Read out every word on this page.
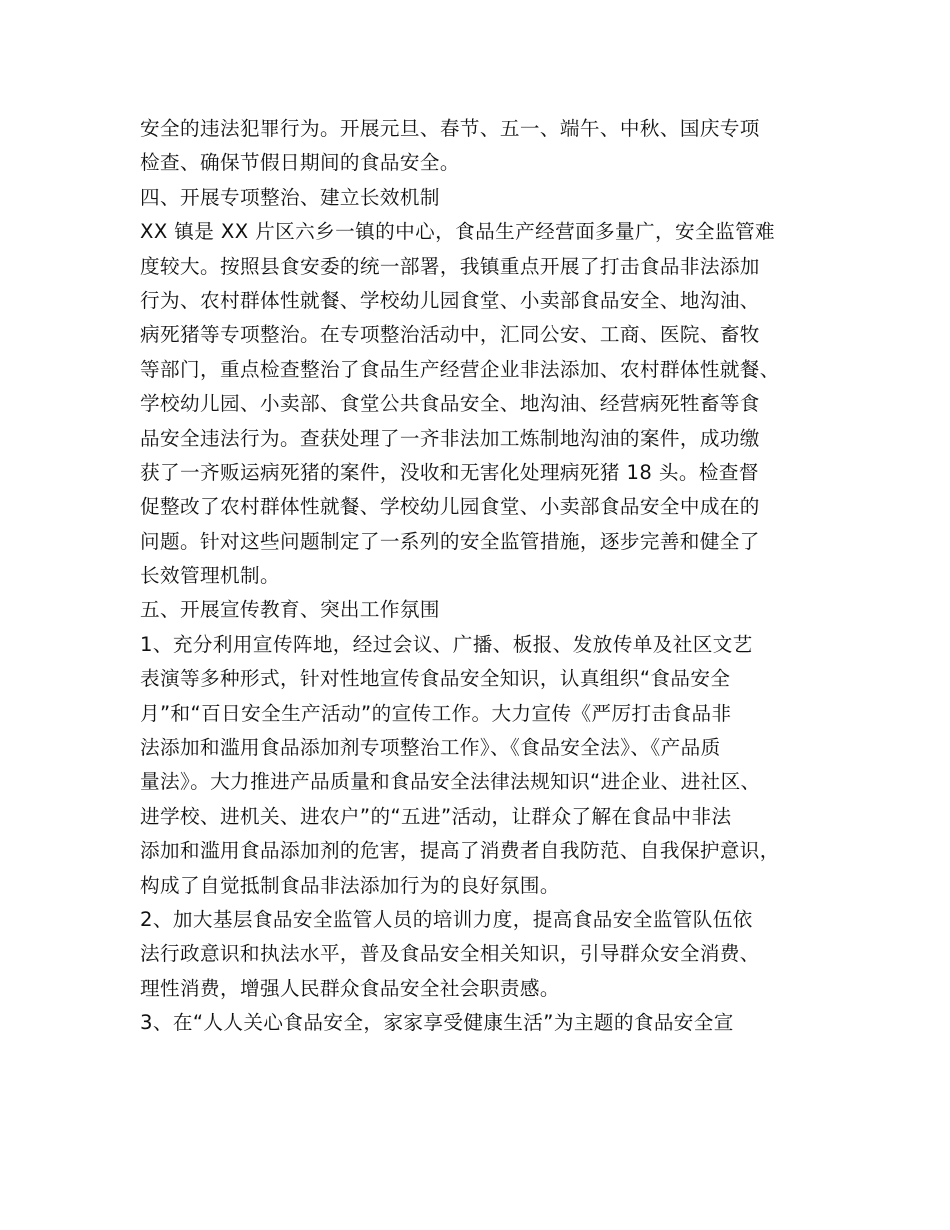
安全的违法犯罪行为。开展元旦、春节、五一、端午、中秋、国庆专项
检查、确保节假日期间的食品安全。
四、开展专项整治、建立长效机制
XX 镇是 XX 片区六乡一镇的中心，食品生产经营面多量广，安全监管难
度较大。按照县食安委的统一部署，我镇重点开展了打击食品非法添加
行为、农村群体性就餐、学校幼儿园食堂、小卖部食品安全、地沟油、
病死猪等专项整治。在专项整治活动中，汇同公安、工商、医院、畜牧
等部门，重点检查整治了食品生产经营企业非法添加、农村群体性就餐、
学校幼儿园、小卖部、食堂公共食品安全、地沟油、经营病死牲畜等食
品安全违法行为。查获处理了一齐非法加工炼制地沟油的案件，成功缴
获了一齐贩运病死猪的案件，没收和无害化处理病死猪 18 头。检查督
促整改了农村群体性就餐、学校幼儿园食堂、小卖部食品安全中成在的
问题。针对这些问题制定了一系列的安全监管措施，逐步完善和健全了
长效管理机制。
五、开展宣传教育、突出工作氛围
1、充分利用宣传阵地，经过会议、广播、板报、发放传单及社区文艺
表演等多种形式，针对性地宣传食品安全知识，认真组织“食品安全
月”和“百日安全生产活动”的宣传工作。大力宣传《严厉打击食品非
法添加和滥用食品添加剂专项整治工作》、《食品安全法》、《产品质
量法》。大力推进产品质量和食品安全法律法规知识“进企业、进社区、
进学校、进机关、进农户”的“五进”活动，让群众了解在食品中非法
添加和滥用食品添加剂的危害，提高了消费者自我防范、自我保护意识，
构成了自觉抵制食品非法添加行为的良好氛围。
2、加大基层食品安全监管人员的培训力度，提高食品安全监管队伍依
法行政意识和执法水平，普及食品安全相关知识，引导群众安全消费、
理性消费，增强人民群众食品安全社会职责感。
3、在“人人关心食品安全，家家享受健康生活”为主题的食品安全宣
